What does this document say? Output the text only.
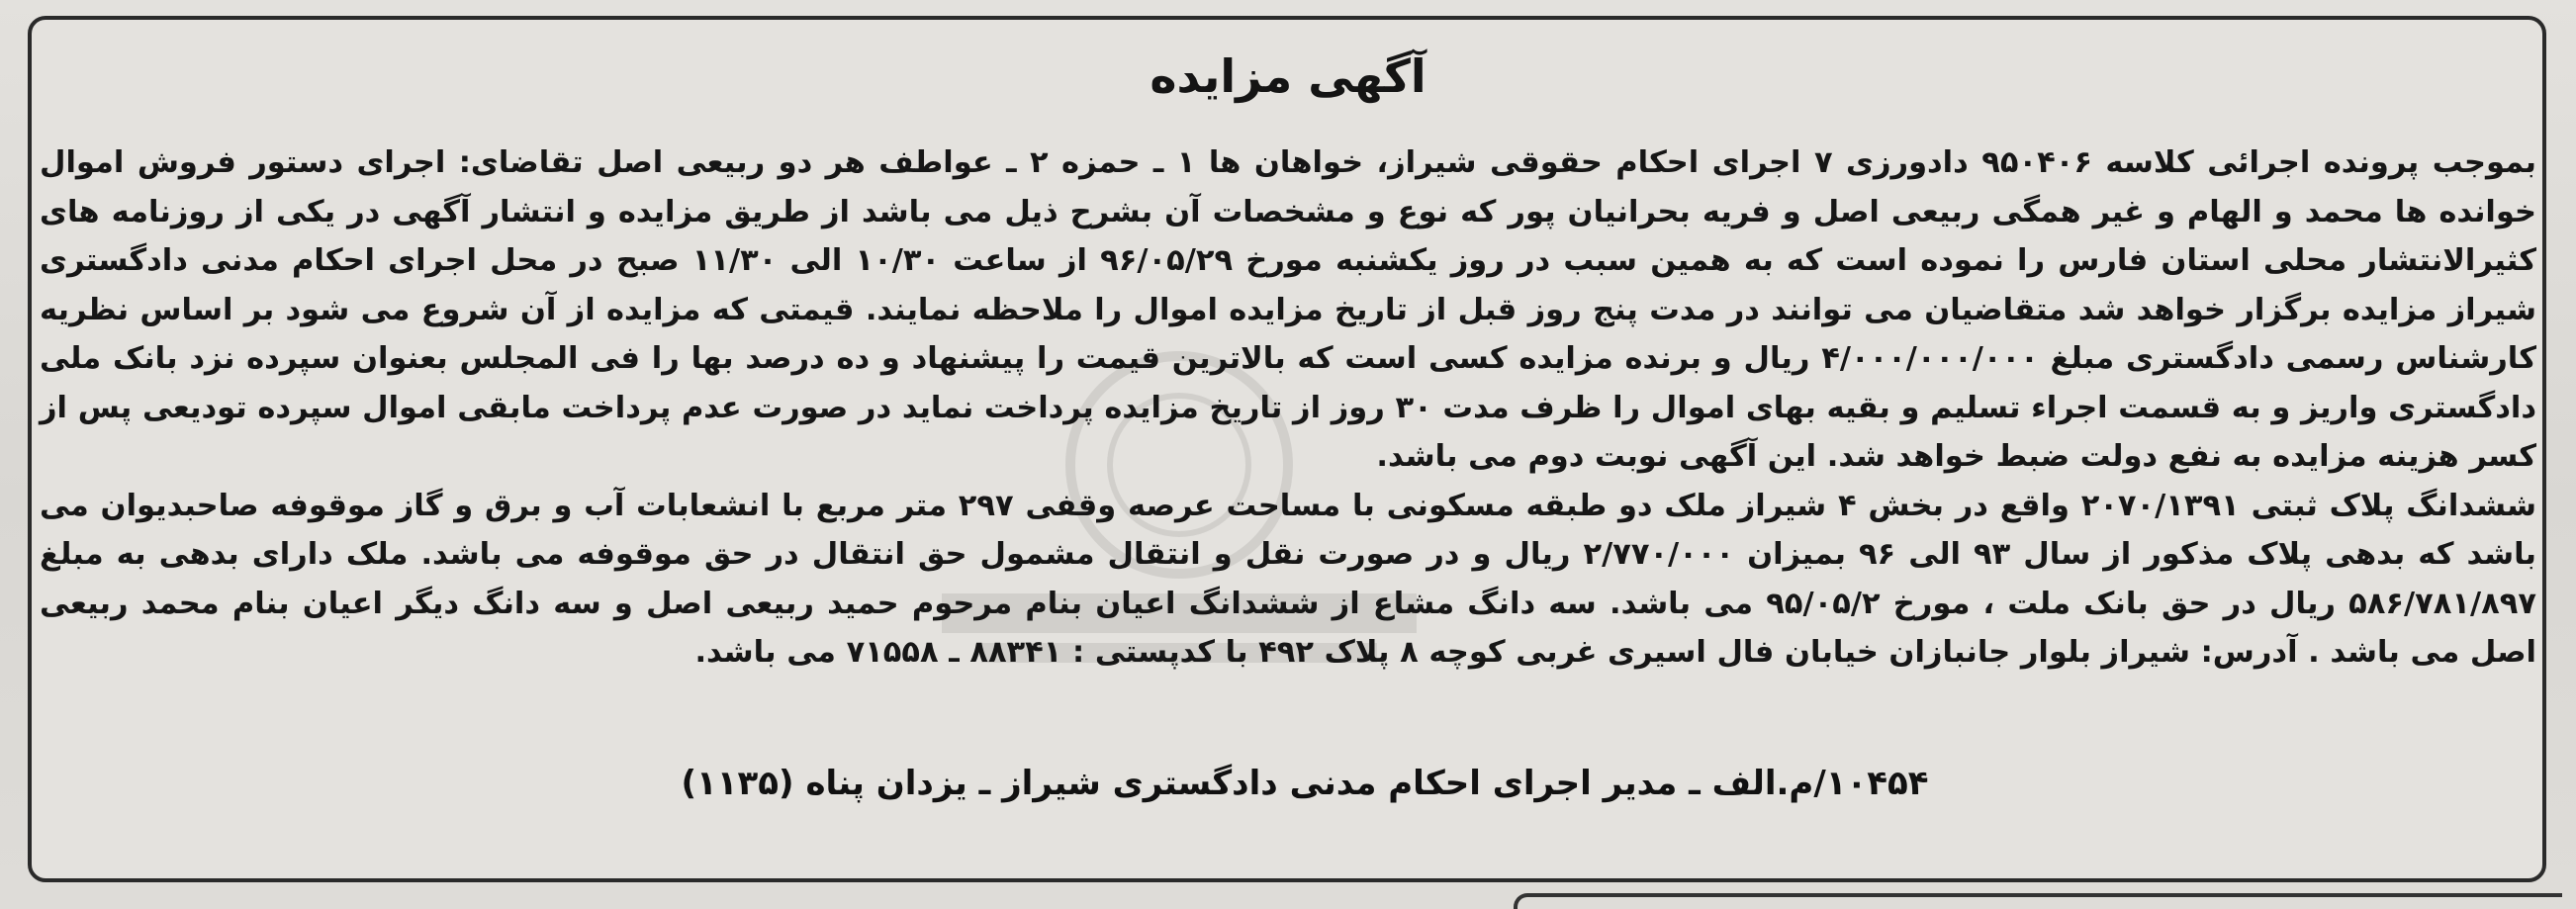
آگهی مزایده

بموجب پرونده اجرائی کلاسه ۹۵۰۴۰۶ دادورزی ۷ اجرای احکام حقوقی شیراز، خواهان ها ۱ ـ حمزه ۲ ـ عواطف هر دو ربیعی اصل تقاضای: اجرای دستور فروش اموال خوانده ها محمد و الهام و غیر همگی ربیعی اصل و فریه بحرانیان پور که نوع و مشخصات آن بشرح ذیل می باشد از طریق مزایده و انتشار آگهی در یکی از روزنامه های کثیرالانتشار محلی استان فارس را نموده است که به همین سبب در روز یکشنبه مورخ ۹۶/۰۵/۲۹ از ساعت ۱۰/۳۰ الی ۱۱/۳۰ صبح در محل اجرای احکام مدنی دادگستری شیراز مزایده برگزار خواهد شد متقاضیان می توانند در مدت پنج روز قبل از تاریخ مزایده اموال را ملاحظه نمایند. قیمتی که مزایده از آن شروع می شود بر اساس نظریه کارشناس رسمی دادگستری مبلغ ۴/۰۰۰/۰۰۰/۰۰۰ ریال و برنده مزایده کسی است که بالاترین قیمت را پیشنهاد و ده درصد بها را فی المجلس بعنوان سپرده نزد بانک ملی دادگستری واریز و به قسمت اجراء تسلیم و بقیه بهای اموال را ظرف مدت ۳۰ روز از تاریخ مزایده پرداخت نماید در صورت عدم پرداخت مابقی اموال سپرده تودیعی پس از کسر هزینه مزایده به نفع دولت ضبط خواهد شد. این آگهی نوبت دوم می باشد.

ششدانگ پلاک ثبتی ۲۰۷۰/۱۳۹۱ واقع در بخش ۴ شیراز ملک دو طبقه مسکونی با مساحت عرصه وقفی ۲۹۷ متر مربع با انشعابات آب و برق و گاز موقوفه صاحبدیوان می باشد که بدهی پلاک مذکور از سال ۹۳ الی ۹۶ بمیزان ۲/۷۷۰/۰۰۰ ریال و در صورت نقل و انتقال مشمول حق انتقال در حق موقوفه می باشد. ملک دارای بدهی به مبلغ ۵۸۶/۷۸۱/۸۹۷ ریال در حق بانک ملت ، مورخ ۹۵/۰۵/۲ می باشد. سه دانگ مشاع از ششدانگ اعیان بنام مرحوم حمید ربیعی اصل و سه دانگ دیگر اعیان بنام محمد ربیعی اصل می باشد . آدرس: شیراز بلوار جانبازان خیابان فال اسیری غربی کوچه ۸ پلاک ۴۹۲ با کدپستی : ۸۸۳۴۱ ـ ۷۱۵۵۸ می باشد.

۱۰۴۵۴/م.الف ـ مدیر اجرای احکام مدنی دادگستری شیراز ـ یزدان پناه (۱۱۳۵)
